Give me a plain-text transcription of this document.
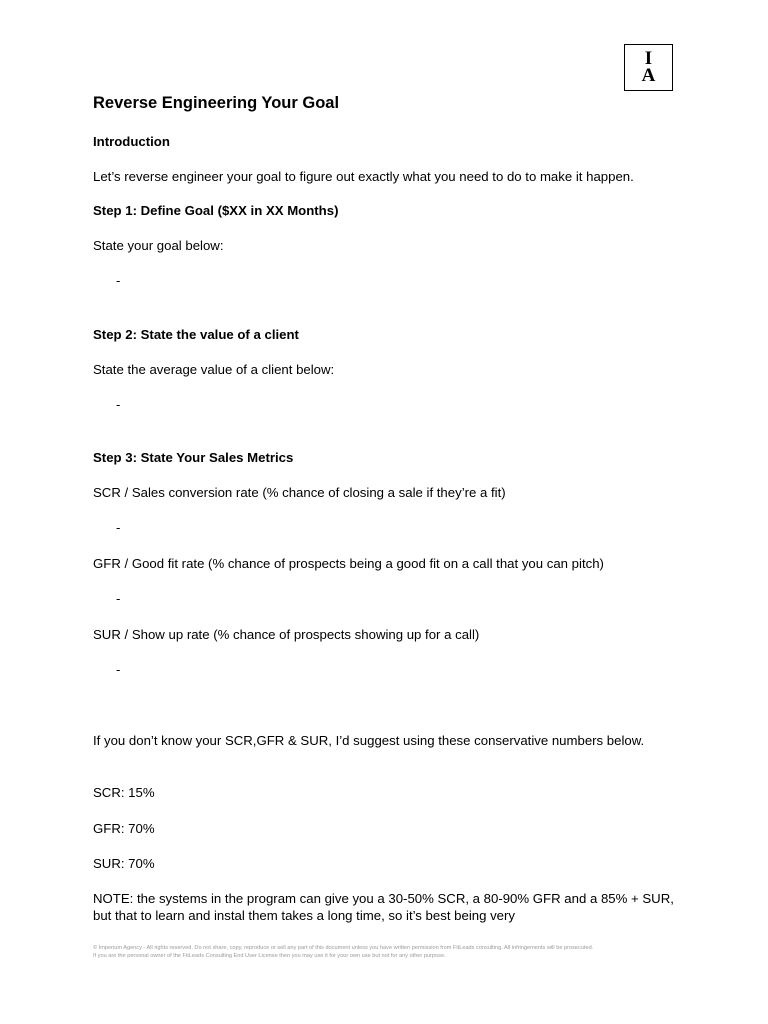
I
A
Reverse Engineering Your Goal

Introduction

Let’s reverse engineer your goal to figure out exactly what you need to do to make it happen.

Step 1: Define Goal ($XX in XX Months)

State your goal below:

-

Step 2: State the value of a client

State the average value of a client below:

-

Step 3: State Your Sales Metrics

SCR / Sales conversion rate (% chance of closing a sale if they’re a fit)

-

GFR / Good fit rate (% chance of prospects being a good fit on a call that you can pitch)

-

SUR / Show up rate (% chance of prospects showing up for a call)

-

If you don’t know your SCR,GFR & SUR, I’d suggest using these conservative numbers below.

SCR: 15%

GFR: 70%

SUR: 70%

NOTE: the systems in the program can give you a 30-50% SCR, a 80-90% GFR and a 85% + SUR, but that to learn and instal them takes a long time, so it’s best being very

© Imperium Agency - All rights reserved. Do not share, copy, reproduce or sell any part of this document unless you have written permission from FitLeads consulting. All infringements will be prosecuted.
If you are the personal owner of the FitLeads Consulting End User License then you may use it for your own use but not for any other purpose.
